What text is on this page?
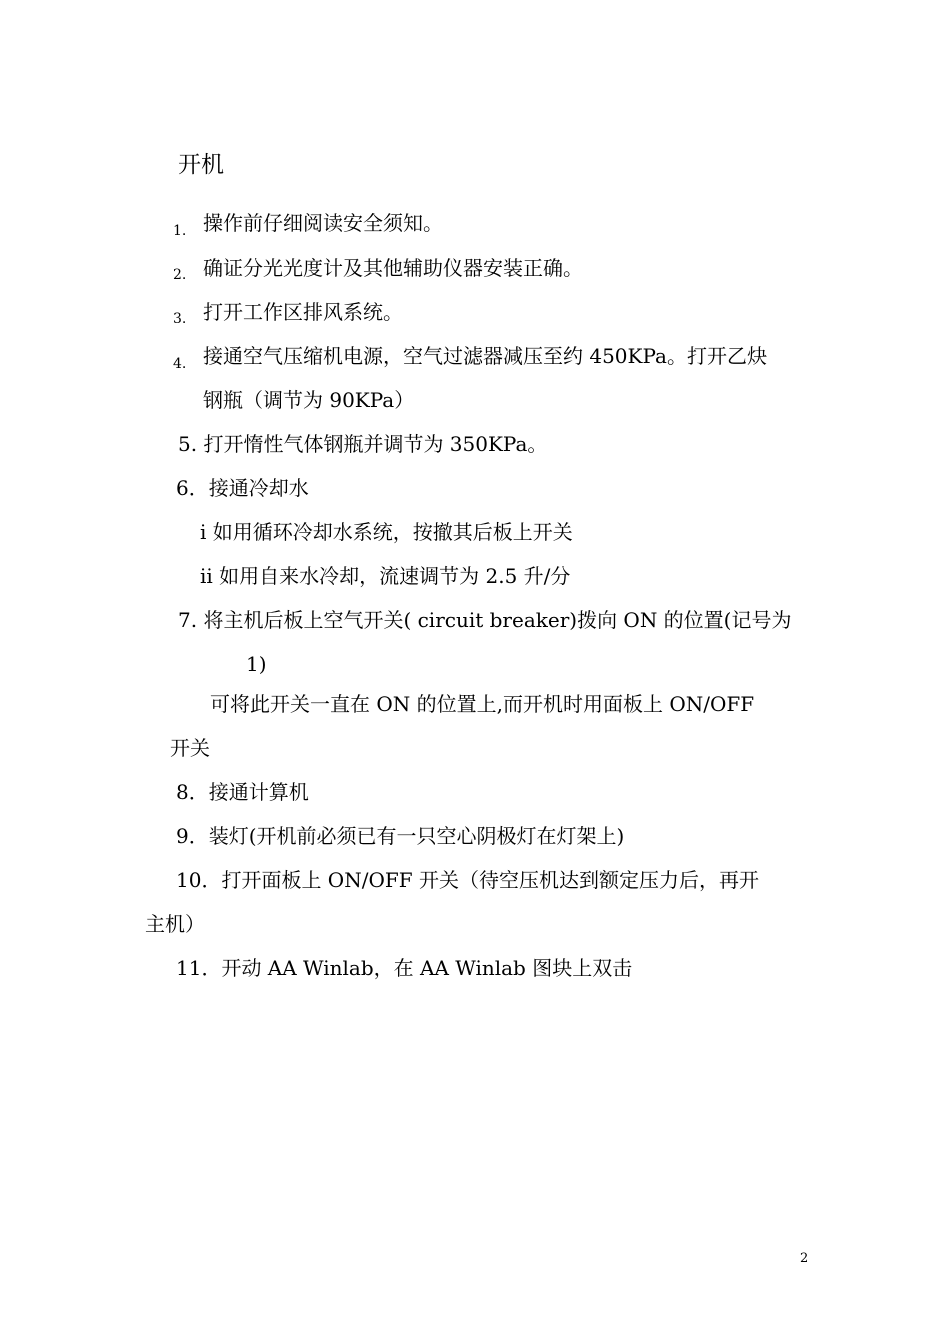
开机
1. 操作前仔细阅读安全须知。
2. 确证分光光度计及其他辅助仪器安装正确。
3. 打开工作区排风系统。
4. 接通空气压缩机电源，空气过滤器减压至约 450KPa。打开乙炔
钢瓶（调节为 90KPa）
5. 打开惰性气体钢瓶并调节为 350KPa。
6．接通冷却水
i 如用循环冷却水系统，按撤其后板上开关
ii 如用自来水冷却，流速调节为 2.5 升/分
7. 将主机后板上空气开关( circuit breaker)拨向 ON 的位置(记号为
1)
可将此开关一直在 ON 的位置上,而开机时用面板上 ON/OFF
开关
8．接通计算机
9．装灯(开机前必须已有一只空心阴极灯在灯架上)
10．打开面板上 ON/OFF 开关（待空压机达到额定压力后，再开
主机）
11．开动 AA Winlab，在 AA Winlab 图块上双击
2
